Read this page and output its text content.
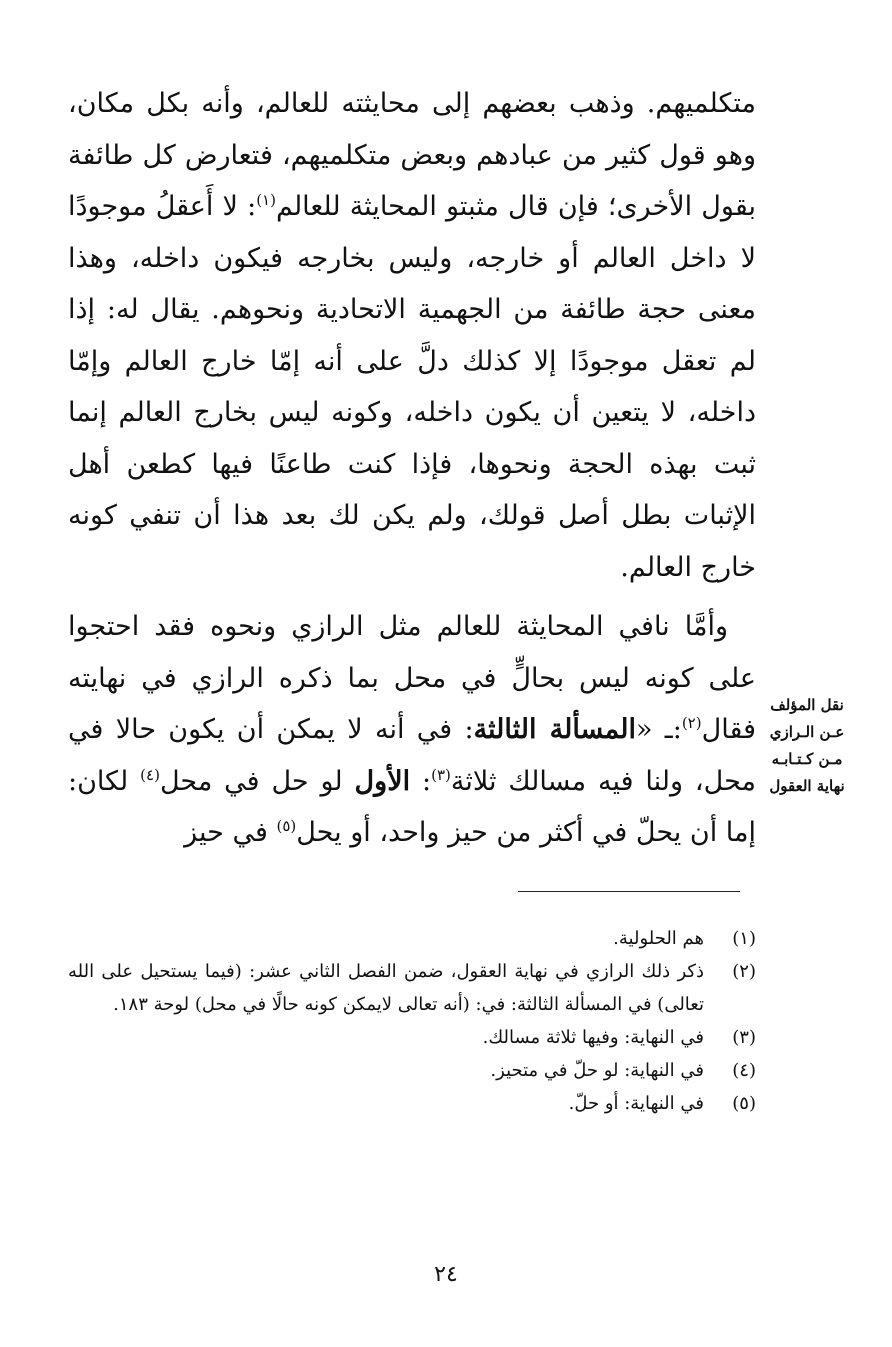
متكلميهم. وذهب بعضهم إلى محايثته للعالم، وأنه بكل مكان، وهو قول كثير من عبادهم وبعض متكلميهم، فتعارض كل طائفة بقول الأخرى؛ فإن قال مثبتو المحايثة للعالم$^{(١)}$: لا أَعقلُ موجودًا لا داخل العالم أو خارجه، وليس بخارجه فيكون داخله، وهذا معنى حجة طائفة من الجهمية الاتحادية ونحوهم. يقال له: إذا لم تعقل موجودًا إلا كذلك دلَّ على أنه إمّا خارج العالم وإمّا داخله، لا يتعين أن يكون داخله، وكونه ليس بخارج العالم إنما ثبت بهذه الحجة ونحوها، فإذا كنت طاعنًا فيها كطعن أهل الإثبات بطل أصل قولك، ولم يكن لك بعد هذا أن تنفي كونه خارج العالم.

وأمَّا نافي المحايثة للعالم مثل الرازي ونحوه فقد احتجوا على كونه ليس بحالٍّ في محل بما ذكره الرازي في نهايته فقال$^{(٢)}$:ـ «المسألة الثالثة: في أنه لا يمكن أن يكون حالا في محل، ولنا فيه مسالك ثلاثة$^{(٣)}$: الأول لو حل في محل$^{(٤)}$ لكان: إما أن يحلّ في أكثر من حيز واحد، أو يحل$^{(٥)}$ في حيز

نقل المؤلف
عـن الـرازي
مـن كـتـابـه
نهاية العقول
(١)
هم الحلولية.
(٢)
ذكر ذلك الرازي في نهاية العقول، ضمن الفصل الثاني عشر: (فيما يستحيل على الله تعالى) في المسألة الثالثة: في: (أنه تعالى لايمكن كونه حالًا في محل) لوحة ١٨٣.
(٣)
في النهاية: وفيها ثلاثة مسالك.
(٤)
في النهاية: لو حلّ في متحيز.
(٥)
في النهاية: أو حلّ.
٢٤
